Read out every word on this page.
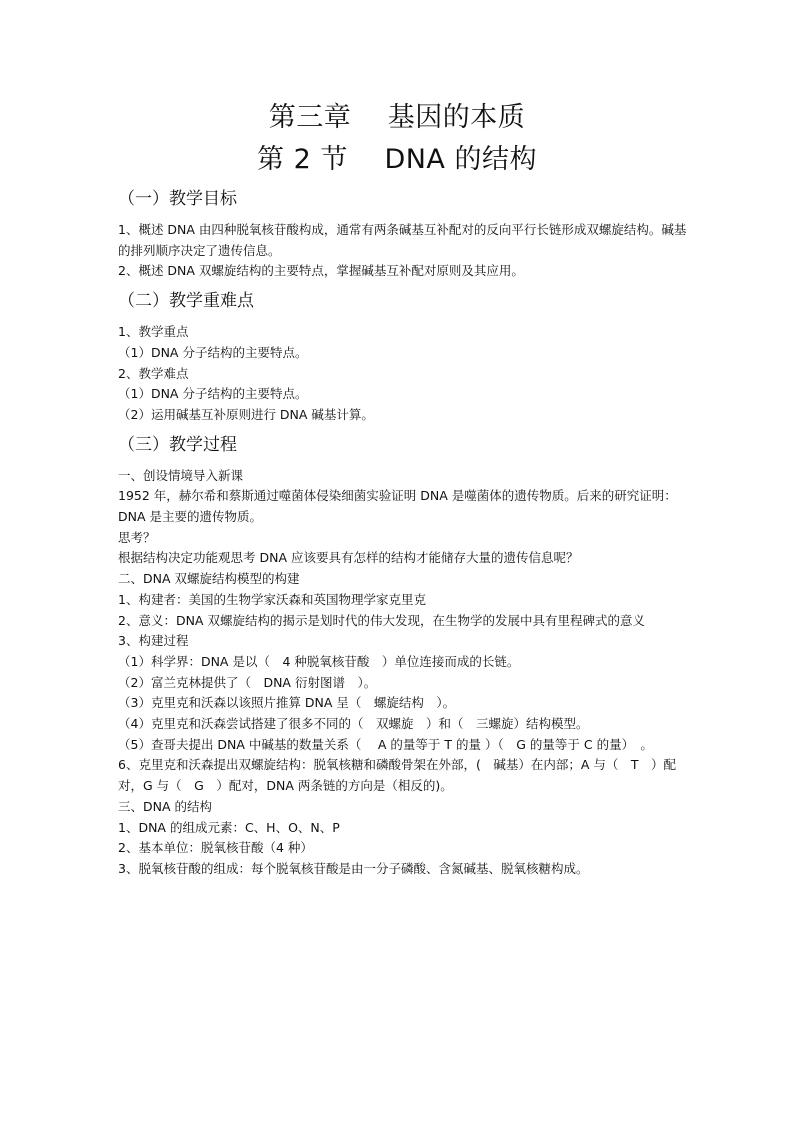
第三章　 基因的本质
第 2 节　 DNA 的结构
（一）教学目标
1、概述 DNA 由四种脱氧核苷酸构成，通常有两条碱基互补配对的反向平行长链形成双螺旋结构。碱基的排列顺序决定了遗传信息。
2、概述 DNA 双螺旋结构的主要特点，掌握碱基互补配对原则及其应用。
（二）教学重难点
1、教学重点
（1）DNA 分子结构的主要特点。
2、教学难点
（1）DNA 分子结构的主要特点。
（2）运用碱基互补原则进行 DNA 碱基计算。
（三）教学过程
一、创设情境导入新课
1952 年，赫尔希和蔡斯通过噬菌体侵染细菌实验证明 DNA 是噬菌体的遗传物质。后来的研究证明：DNA 是主要的遗传物质。
思考？
根据结构决定功能观思考 DNA 应该要具有怎样的结构才能储存大量的遗传信息呢？
二、DNA 双螺旋结构模型的构建
1、构建者：美国的生物学家沃森和英国物理学家克里克
2、意义：DNA 双螺旋结构的揭示是划时代的伟大发现，在生物学的发展中具有里程碑式的意义
3、构建过程
（1）科学界：DNA 是以（　4 种脱氧核苷酸　）单位连接而成的长链。
（2）富兰克林提供了（　DNA 衍射图谱　）。
（3）克里克和沃森以该照片推算 DNA 呈（　螺旋结构　）。
（4）克里克和沃森尝试搭建了很多不同的（　双螺旋　）和（　三螺旋）结构模型。
（5）查哥夫提出 DNA 中碱基的数量关系（　 A 的量等于 T 的量 ）（　G 的量等于 C 的量）　。
6、克里克和沃森提出双螺旋结构：脱氧核糖和磷酸骨架在外部，(　碱基）在内部；A 与（　T　）配对，G 与（　G　）配对，DNA 两条链的方向是（相反的)。
三、DNA 的结构
1、DNA 的组成元素：C、H、O、N、P
2、基本单位：脱氧核苷酸（4 种）
3、脱氧核苷酸的组成：每个脱氧核苷酸是由一分子磷酸、含氮碱基、脱氧核糖构成。
